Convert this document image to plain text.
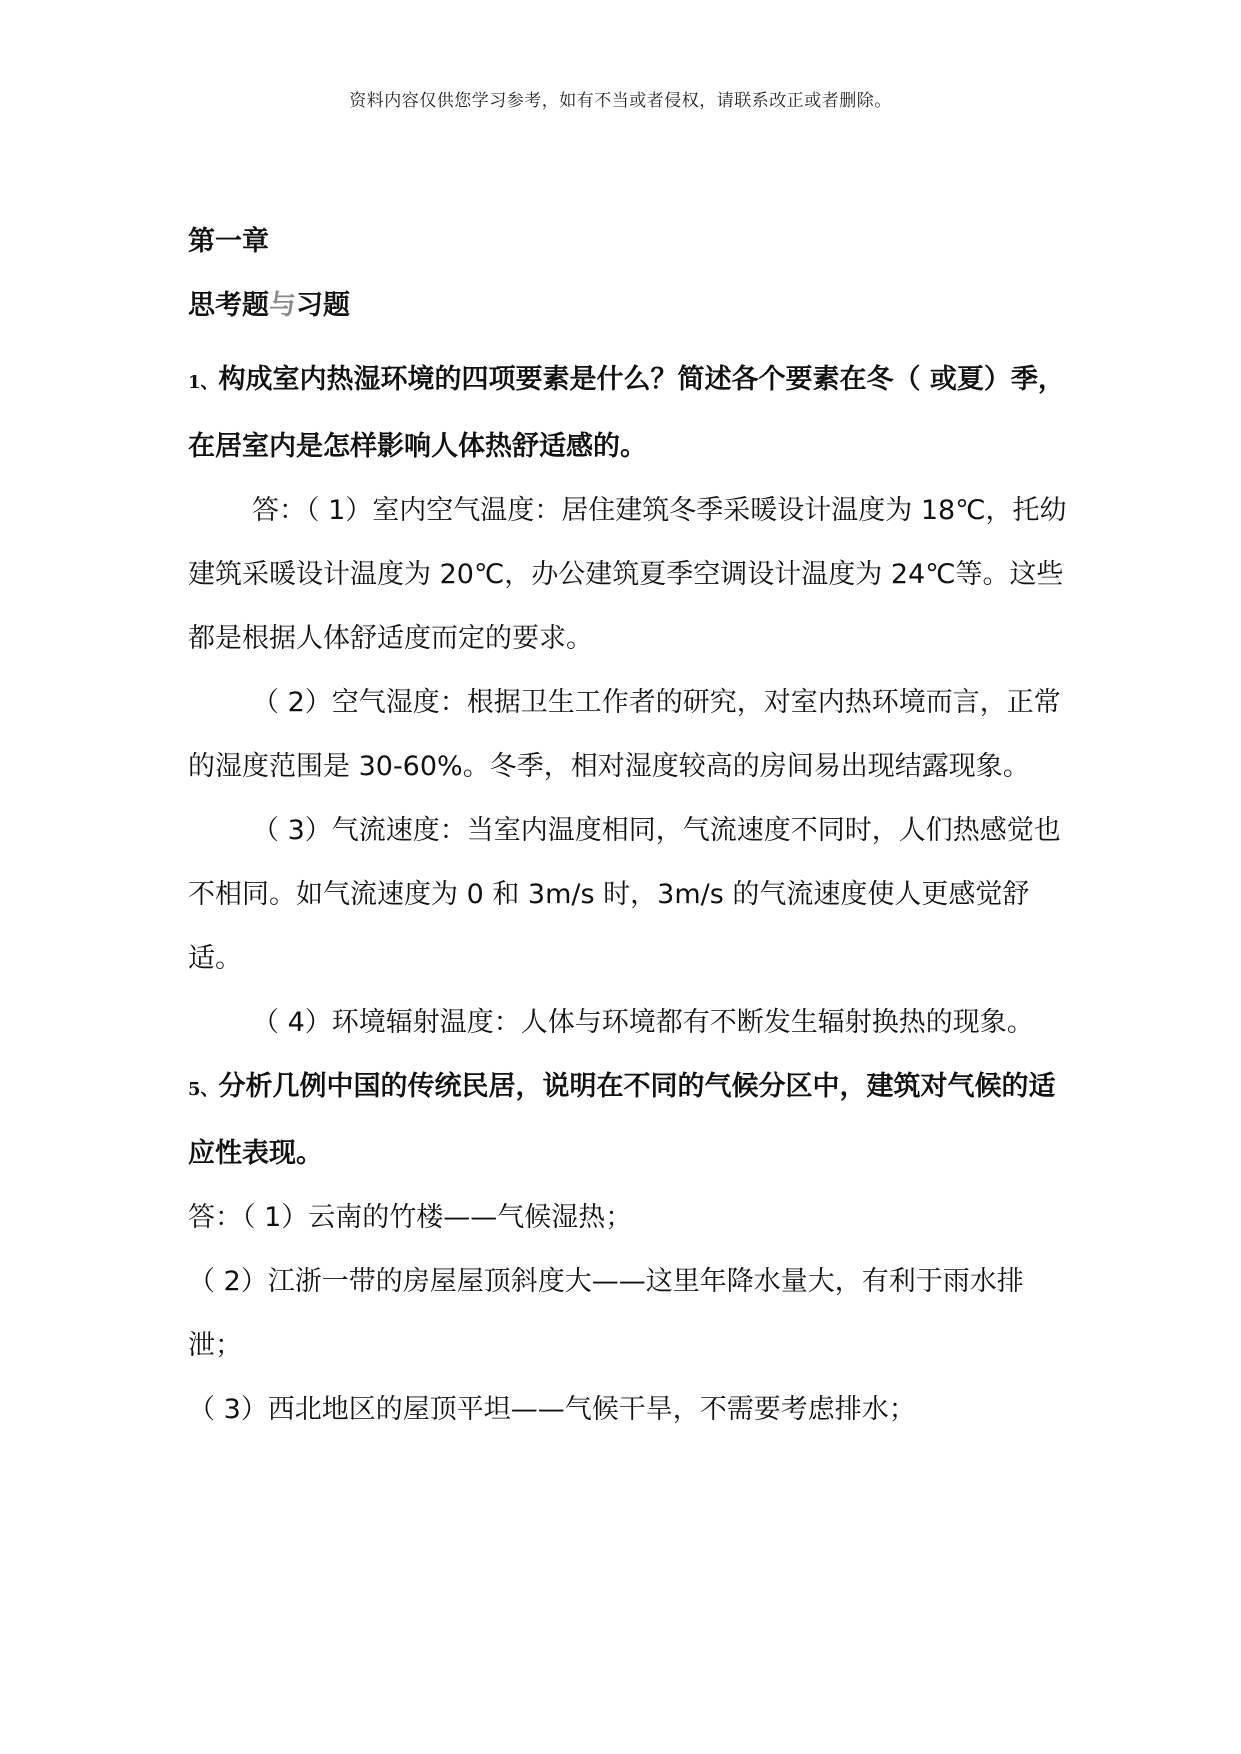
资料内容仅供您学习参考，如有不当或者侵权，请联系改正或者删除。
第一章
思考题与习题

1、构成室内热湿环境的四项要素是什么？简述各个要素在冬（ 或夏）季，在居室内是怎样影响人体热舒适感的。

答：（ 1）室内空气温度：居住建筑冬季采暖设计温度为 18℃，托幼建筑采暖设计温度为 20℃，办公建筑夏季空调设计温度为 24℃等。这些都是根据人体舒适度而定的要求。

（ 2）空气湿度：根据卫生工作者的研究，对室内热环境而言，正常的湿度范围是 30-60%。冬季，相对湿度较高的房间易出现结露现象。

（ 3）气流速度：当室内温度相同，气流速度不同时，人们热感觉也不相同。如气流速度为 0 和 3m/s 时，3m/s 的气流速度使人更感觉舒适。

（ 4）环境辐射温度：人体与环境都有不断发生辐射换热的现象。

5、分析几例中国的传统民居，说明在不同的气候分区中，建筑对气候的适应性表现。

答：（ 1）云南的竹楼——气候湿热；

（ 2）江浙一带的房屋屋顶斜度大——这里年降水量大，有利于雨水排泄；

（ 3）西北地区的屋顶平坦——气候干旱，不需要考虑排水；
